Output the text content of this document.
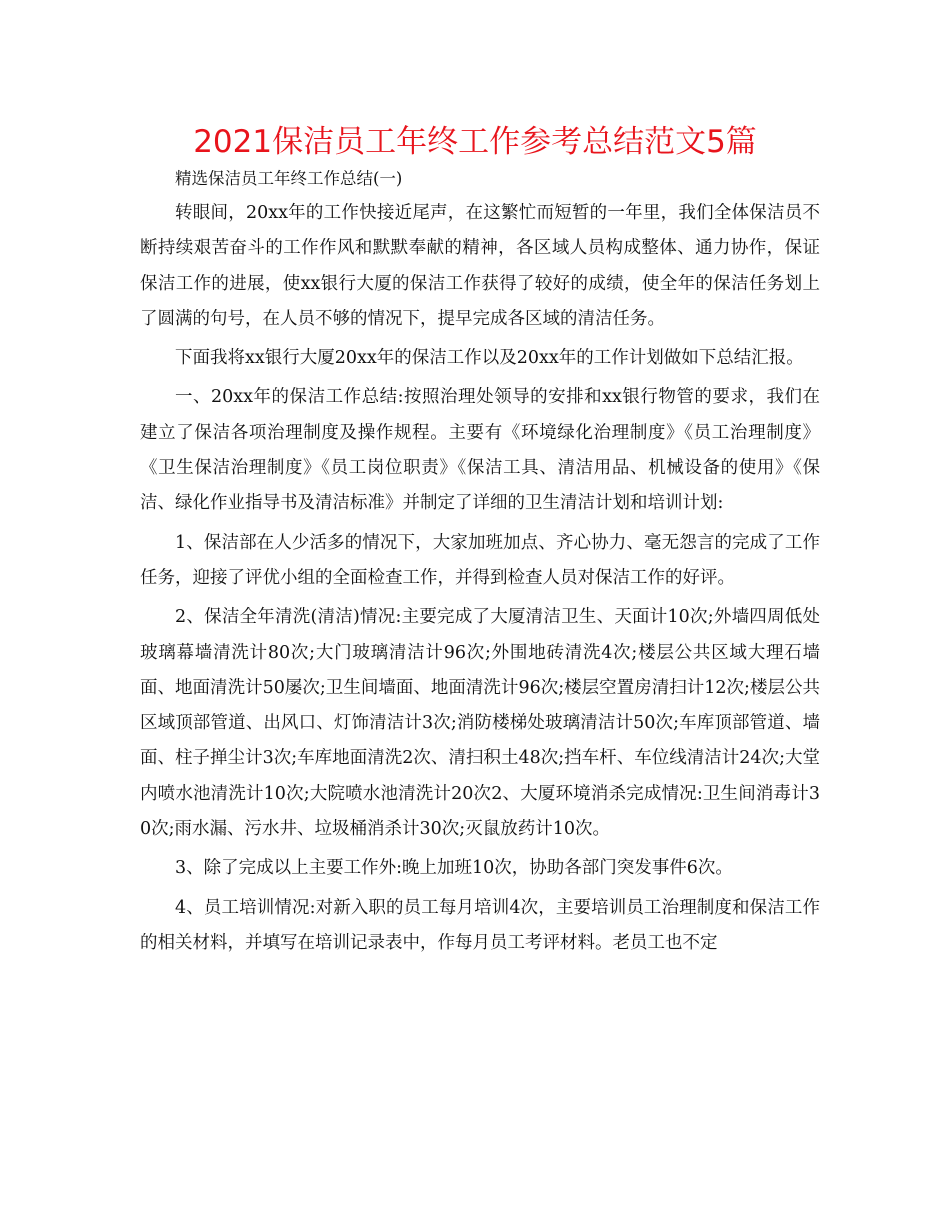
2021保洁员工年终工作参考总结范文5篇
精选保洁员工年终工作总结(一)

转眼间，20xx年的工作快接近尾声，在这繁忙而短暂的一年里，我们全体保洁员不断持续艰苦奋斗的工作作风和默默奉献的精神，各区域人员构成整体、通力协作，保证保洁工作的进展，使xx银行大厦的保洁工作获得了较好的成绩，使全年的保洁任务划上了圆满的句号，在人员不够的情况下，提早完成各区域的清洁任务。

下面我将xx银行大厦20xx年的保洁工作以及20xx年的工作计划做如下总结汇报。

一、20xx年的保洁工作总结:按照治理处领导的安排和xx银行物管的要求，我们在建立了保洁各项治理制度及操作规程。主要有《环境绿化治理制度》《员工治理制度》《卫生保洁治理制度》《员工岗位职责》《保洁工具、清洁用品、机械设备的使用》《保洁、绿化作业指导书及清洁标准》并制定了详细的卫生清洁计划和培训计划:

1、保洁部在人少活多的情况下，大家加班加点、齐心协力、毫无怨言的完成了工作任务，迎接了评优小组的全面检查工作，并得到检查人员对保洁工作的好评。

2、保洁全年清洗(清洁)情况:主要完成了大厦清洁卫生、天面计10次;外墙四周低处玻璃幕墙清洗计80次;大门玻璃清洁计96次;外围地砖清洗4次;楼层公共区域大理石墙面、地面清洗计50屡次;卫生间墙面、地面清洗计96次;楼层空置房清扫计12次;楼层公共区域顶部管道、出风口、灯饰清洁计3次;消防楼梯处玻璃清洁计50次;车库顶部管道、墙面、柱子掸尘计3次;车库地面清洗2次、清扫积土48次;挡车杆、车位线清洁计24次;大堂内喷水池清洗计10次;大院喷水池清洗计20次2、大厦环境消杀完成情况:卫生间消毒计30次;雨水漏、污水井、垃圾桶消杀计30次;灭鼠放药计10次。

3、除了完成以上主要工作外:晚上加班10次，协助各部门突发事件6次。

4、员工培训情况:对新入职的员工每月培训4次，主要培训员工治理制度和保洁工作的相关材料，并填写在培训记录表中，作每月员工考评材料。老员工也不定
